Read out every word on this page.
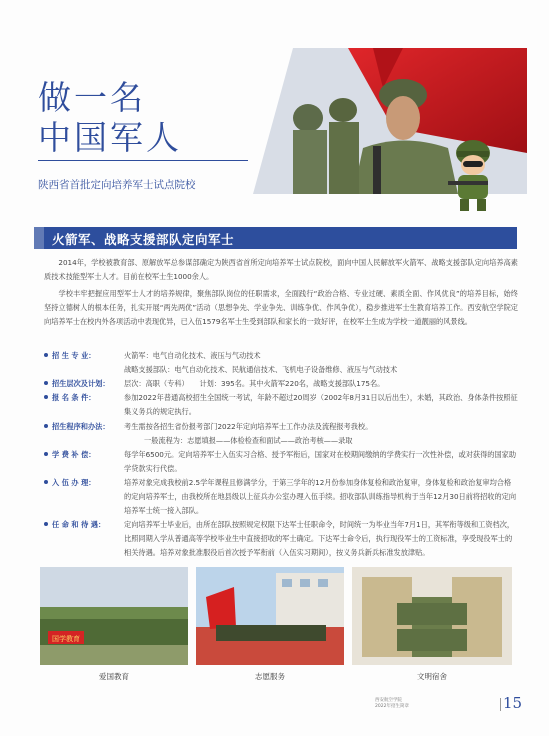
做一名
中国军人
陕西省首批定向培养军士试点院校
火箭军、战略支援部队定向军士
  2014年，学校被教育部、原解放军总参谋部确定为陕西省首所定向培养军士试点院校，面向中国人民解放军火箭军、战略支援部队定向培养高素质技术技能型军士人才。目前在校军士生1000余人。
  学校丰牢把握应用型军士人才的培养规律，聚焦部队岗位的任职需求，全面践行“政治合格、专业过硬、素质全面、作风优良”的培养目标，始终坚持立德树人的根本任务，扎实开展“两先两优”活动（思想争先、学业争先、训练争优、作风争优），稳步推进军士生教育培养工作。西安航空学院定向培养军士在校内外各项活动中表现优异，已入伍1579名军士生受到部队和家长的一致好评，在校军士生成为学校一道靓丽的风景线。
招 生 专 业：	火箭军：电气自动化技术、液压与气动技术
战略支援部队：电气自动化技术、民航通信技术、飞机电子设备维修、液压与气动技术
招生层次及计划： 层次：高职（专科）　　计划：395名。其中火箭军220名，战略支援部队175名。
报 名 条 件：	参加2022年普通高校招生全国统一考试，年龄不超过20周岁（2002年8月31日以后出生），未婚，其政治、身体条件按照征集义务兵的规定执行。
招生程序和办法： 考生需按各招生省份报考部门2022年定向培养军士工作办法及流程报考我校。
一般流程为：志愿填报——体检检查和面试——政治考核——录取
学 费 补 偿：	每学年6500元。定向培养军士入伍实习合格、授予军衔后，国家对在校期间缴纳的学费实行一次性补偿，或对获得的国家助学贷款实行代偿。
入 伍 办 理：	培养对象完成我校前2.5学年课程且修满学分，于第三学年的12月份参加身体复检和政治复审，身体复检和政治复审均合格的定向培养军士，由我校所在地县级以上征兵办公室办理入伍手续。招收部队训练指导机构于当年12月30日前将招收的定向培养军士统一接入部队。
任 命 和 待 遇：	定向培养军士毕业后，由所在部队按照规定权限下达军士任职命令，时间统一为毕业当年7月1日，其军衔等级和工资档次，比照同期入学从普通高等学校毕业生中直接招收的军士确定。下达军士命令后，执行现役军士的工资标准，享受现役军士的相关待遇。培养对象批准服役后首次授予军衔前（入伍实习期间），按义务兵新兵标准发放津贴。
国学教育
爱国教育	志愿服务	文明宿舍
西安航空学院
2022年招生简章	15
